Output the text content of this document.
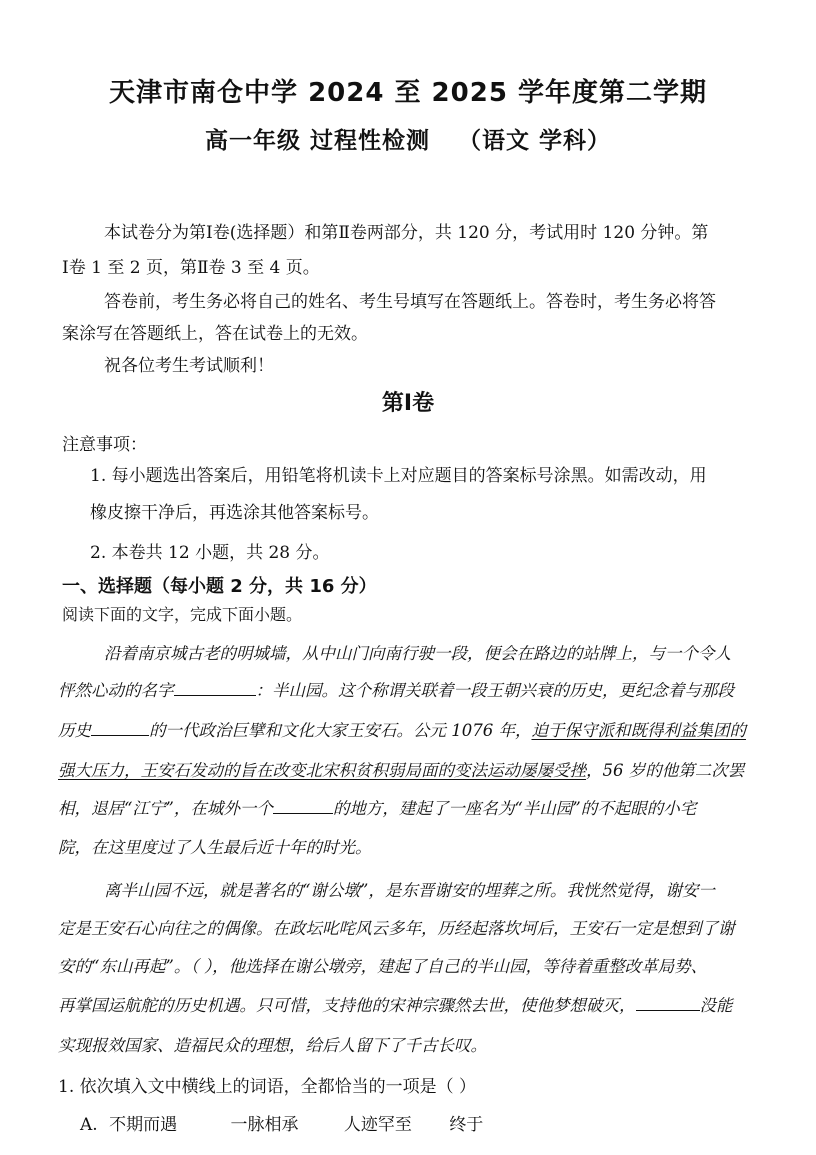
天津市南仓中学 2024 至 2025 学年度第二学期
高一年级 过程性检测 （语文 学科）
本试卷分为第Ⅰ卷(选择题）和第Ⅱ卷两部分，共 120 分，考试用时 120 分钟。第
Ⅰ卷 1 至 2 页，第Ⅱ卷 3 至 4 页。
答卷前，考生务必将自己的姓名、考生号填写在答题纸上。答卷时，考生务必将答
案涂写在答题纸上，答在试卷上的无效。
祝各位考生考试顺利！
第Ⅰ卷
注意事项：
1. 每小题选出答案后，用铅笔将机读卡上对应题目的答案标号涂黑。如需改动，用
橡皮擦干净后，再选涂其他答案标号。
2. 本卷共 12 小题，共 28 分。
一、选择题（每小题 2 分，共 16 分）
阅读下面的文字，完成下面小题。
沿着南京城古老的明城墙，从中山门向南行驶一段，便会在路边的站牌上，与一个令人
怦然心动的名字	：半山园。这个称谓关联着一段王朝兴衰的历史，更纪念着与那段
历史	的一代政治巨擘和文化大家王安石。公元 1076 年，迫于保守派和既得利益集团的
强大压力，王安石发动的旨在改变北宋积贫积弱局面的变法运动屡屡受挫，56 岁的他第二次罢
相，退居“江宁”，在城外一个	的地方，建起了一座名为“半山园”的不起眼的小宅
院，在这里度过了人生最后近十年的时光。
离半山园不远，就是著名的“谢公墩”，是东晋谢安的埋葬之所。我恍然觉得，谢安一
定是王安石心向往之的偶像。在政坛叱咤风云多年，历经起落坎坷后，王安石一定是想到了谢
安的“东山再起”。（ ），他选择在谢公墩旁，建起了自己的半山园，等待着重整改革局势、
再掌国运航舵的历史机遇。只可惜，支持他的宋神宗骤然去世，使他梦想破灭，	没能
实现报效国家、造福民众的理想，给后人留下了千古长叹。
1. 依次填入文中横线上的词语，全都恰当的一项是（ ）
A. 不期而遇	一脉相承	人迹罕至 终于
